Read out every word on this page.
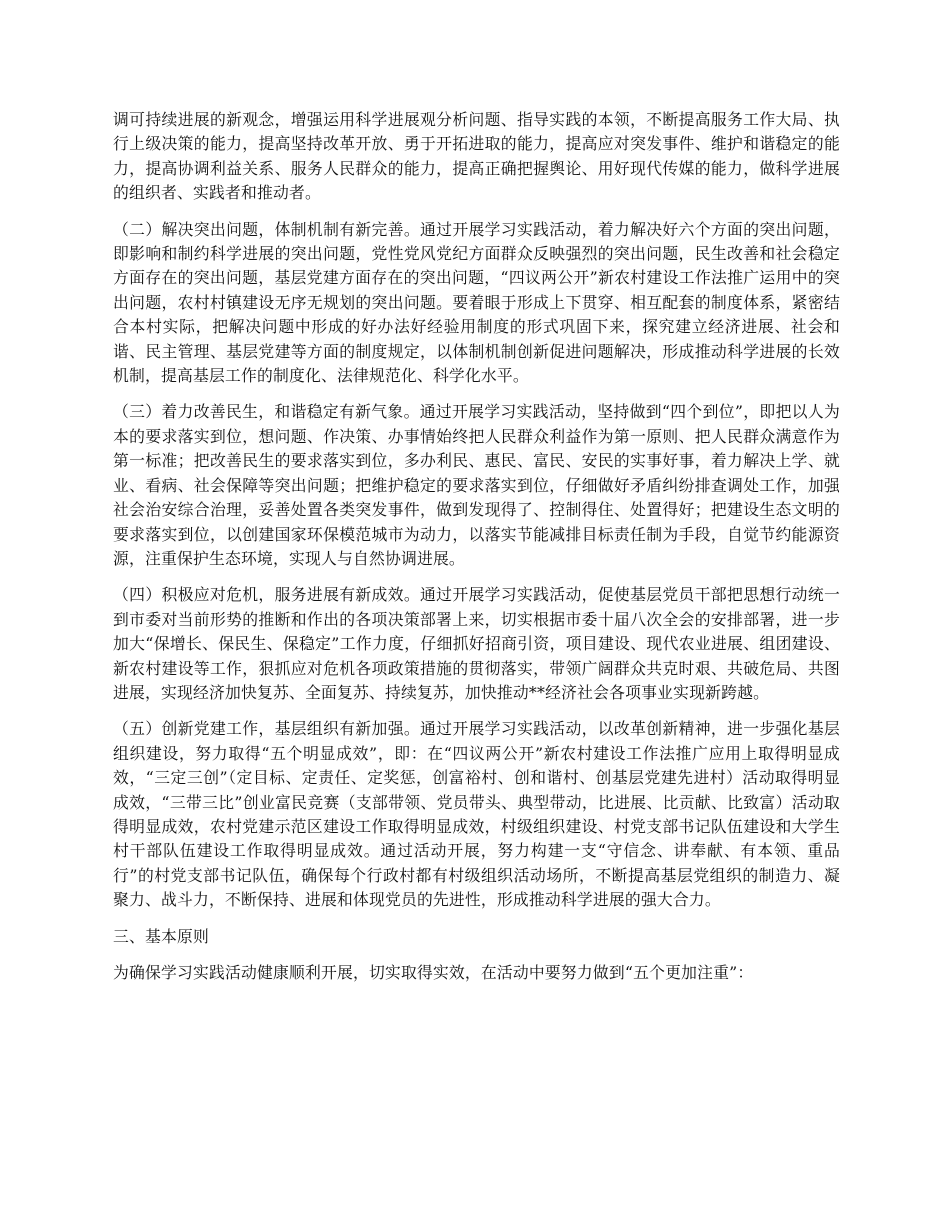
调可持续进展的新观念，增强运用科学进展观分析问题、指导实践的本领，不断提高服务工作大局、执行上级决策的能力，提高坚持改革开放、勇于开拓进取的能力，提高应对突发事件、维护和谐稳定的能力，提高协调利益关系、服务人民群众的能力，提高正确把握舆论、用好现代传媒的能力，做科学进展的组织者、实践者和推动者。

（二）解决突出问题，体制机制有新完善。通过开展学习实践活动，着力解决好六个方面的突出问题，即影响和制约科学进展的突出问题，党性党风党纪方面群众反映强烈的突出问题，民生改善和社会稳定方面存在的突出问题，基层党建方面存在的突出问题，“四议两公开”新农村建设工作法推广运用中的突出问题，农村村镇建设无序无规划的突出问题。要着眼于形成上下贯穿、相互配套的制度体系，紧密结合本村实际，把解决问题中形成的好办法好经验用制度的形式巩固下来，探究建立经济进展、社会和谐、民主管理、基层党建等方面的制度规定，以体制机制创新促进问题解决，形成推动科学进展的长效机制，提高基层工作的制度化、法律规范化、科学化水平。

（三）着力改善民生，和谐稳定有新气象。通过开展学习实践活动，坚持做到“四个到位”，即把以人为本的要求落实到位，想问题、作决策、办事情始终把人民群众利益作为第一原则、把人民群众满意作为第一标准；把改善民生的要求落实到位，多办利民、惠民、富民、安民的实事好事，着力解决上学、就业、看病、社会保障等突出问题；把维护稳定的要求落实到位，仔细做好矛盾纠纷排查调处工作，加强社会治安综合治理，妥善处置各类突发事件，做到发现得了、控制得住、处置得好；把建设生态文明的要求落实到位，以创建国家环保模范城市为动力，以落实节能减排目标责任制为手段，自觉节约能源资源，注重保护生态环境，实现人与自然协调进展。

（四）积极应对危机，服务进展有新成效。通过开展学习实践活动，促使基层党员干部把思想行动统一到市委对当前形势的推断和作出的各项决策部署上来，切实根据市委十届八次全会的安排部署，进一步加大“保增长、保民生、保稳定”工作力度，仔细抓好招商引资，项目建设、现代农业进展、组团建设、新农村建设等工作，狠抓应对危机各项政策措施的贯彻落实，带领广阔群众共克时艰、共破危局、共图进展，实现经济加快复苏、全面复苏、持续复苏，加快推动**经济社会各项事业实现新跨越。

（五）创新党建工作，基层组织有新加强。通过开展学习实践活动，以改革创新精神，进一步强化基层组织建设，努力取得“五个明显成效”，即：在“四议两公开”新农村建设工作法推广应用上取得明显成效，“三定三创”（定目标、定责任、定奖惩，创富裕村、创和谐村、创基层党建先进村）活动取得明显成效，“三带三比”创业富民竞赛（支部带领、党员带头、典型带动，比进展、比贡献、比致富）活动取得明显成效，农村党建示范区建设工作取得明显成效，村级组织建设、村党支部书记队伍建设和大学生村干部队伍建设工作取得明显成效。通过活动开展，努力构建一支“守信念、讲奉献、有本领、重品行”的村党支部书记队伍，确保每个行政村都有村级组织活动场所，不断提高基层党组织的制造力、凝聚力、战斗力，不断保持、进展和体现党员的先进性，形成推动科学进展的强大合力。

三、基本原则

为确保学习实践活动健康顺利开展，切实取得实效，在活动中要努力做到“五个更加注重”：
